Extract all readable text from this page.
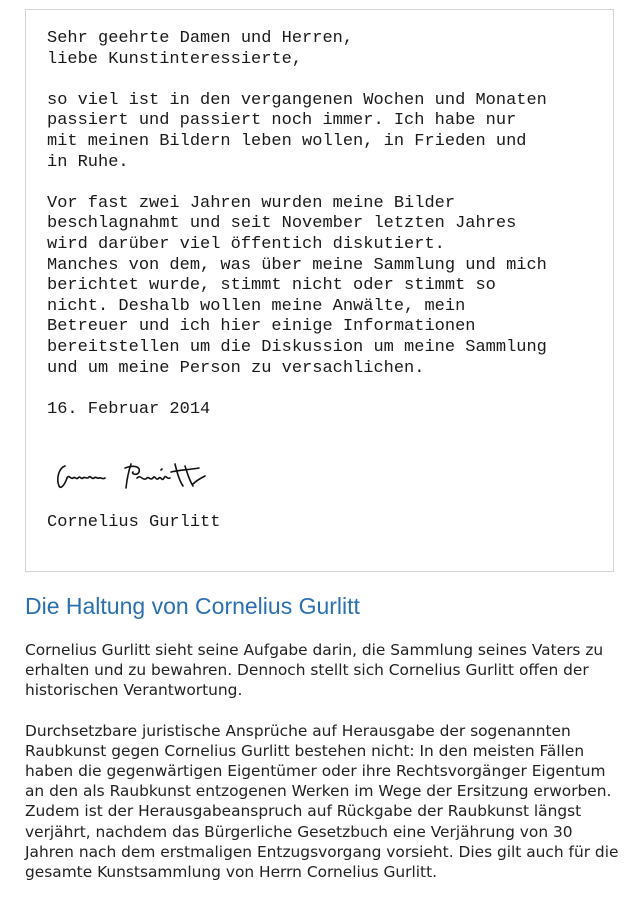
Sehr geehrte Damen und Herren,
liebe Kunstinteressierte,

so viel ist in den vergangenen Wochen und Monaten
passiert und passiert noch immer. Ich habe nur
mit meinen Bildern leben wollen, in Frieden und
in Ruhe.

Vor fast zwei Jahren wurden meine Bilder
beschlagnahmt und seit November letzten Jahres
wird darüber viel öffentich diskutiert.
Manches von dem, was über meine Sammlung und mich
berichtet wurde, stimmt nicht oder stimmt so
nicht. Deshalb wollen meine Anwälte, mein
Betreuer und ich hier einige Informationen
bereitstellen um die Diskussion um meine Sammlung
und um meine Person zu versachlichen.

16. Februar 2014

Cornelius Gurlitt

Die Haltung von Cornelius Gurlitt

Cornelius Gurlitt sieht seine Aufgabe darin, die Sammlung seines Vaters zu erhalten und zu bewahren. Dennoch stellt sich Cornelius Gurlitt offen der historischen Verantwortung.

Durchsetzbare juristische Ansprüche auf Herausgabe der sogenannten Raubkunst gegen Cornelius Gurlitt bestehen nicht: In den meisten Fällen haben die gegenwärtigen Eigentümer oder ihre Rechtsvorgänger Eigentum an den als Raubkunst entzogenen Werken im Wege der Ersitzung erworben. Zudem ist der Herausgabeanspruch auf Rückgabe der Raubkunst längst verjährt, nachdem das Bürgerliche Gesetzbuch eine Verjährung von 30 Jahren nach dem erstmaligen Entzugsvorgang vorsieht. Dies gilt auch für die gesamte Kunstsammlung von Herrn Cornelius Gurlitt.
